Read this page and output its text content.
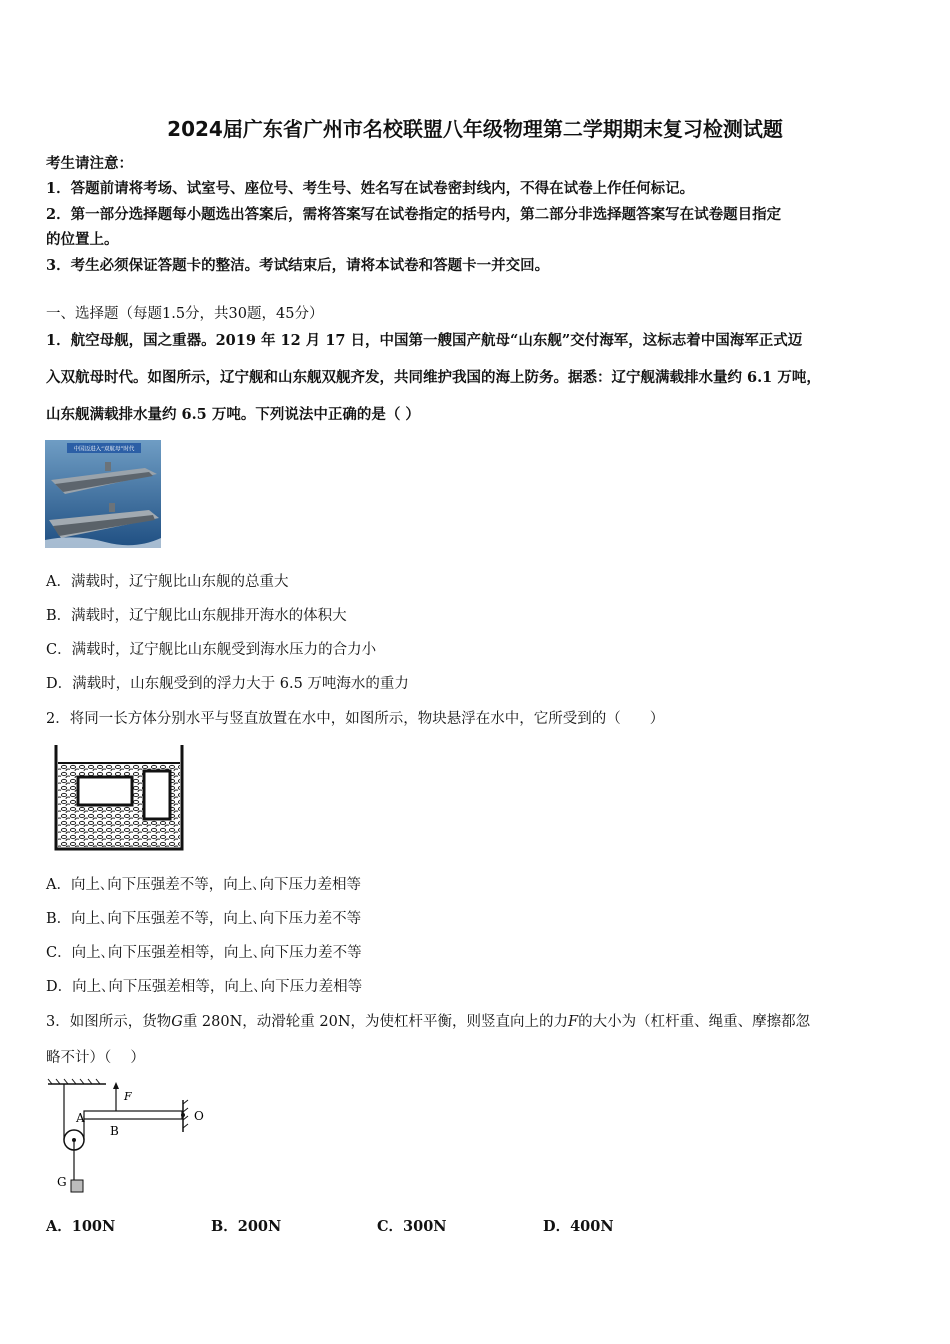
2024届广东省广州市名校联盟八年级物理第二学期期末复习检测试题
考生请注意：
1．答题前请将考场、试室号、座位号、考生号、姓名写在试卷密封线内，不得在试卷上作任何标记。
2．第一部分选择题每小题选出答案后，需将答案写在试卷指定的括号内，第二部分非选择题答案写在试卷题目指定
的位置上。
3．考生必须保证答题卡的整洁。考试结束后，请将本试卷和答题卡一并交回。
一、选择题（每题1.5分，共30题，45分）
1．航空母舰，国之重器。2019 年 12 月 17 日，中国第一艘国产航母“山东舰”交付海军，这标志着中国海军正式迈
入双航母时代。如图所示，辽宁舰和山东舰双舰齐发，共同维护我国的海上防务。据悉：辽宁舰满载排水量约 6.1 万吨，
山东舰满载排水量约 6.5 万吨。下列说法中正确的是（ ）
中国迈进入“双航母”时代
A．满载时，辽宁舰比山东舰的总重大
B．满载时，辽宁舰比山东舰排开海水的体积大
C．满载时，辽宁舰比山东舰受到海水压力的合力小
D．满载时，山东舰受到的浮力大于 6.5 万吨海水的重力
2．将同一长方体分别水平与竖直放置在水中，如图所示，物块悬浮在水中，它所受到的（　　）
A．向上､向下压强差不等，向上､向下压力差相等
B．向上､向下压强差不等，向上､向下压力差不等
C．向上､向下压强差相等，向上､向下压力差不等
D．向上､向下压强差相等，向上､向下压力差相等
3．如图所示，货物G重 280N，动滑轮重 20N，为使杠杆平衡，则竖直向上的力F的大小为（杠杆重、绳重、摩擦都忽
略不计）（　 ）
F
A
B
O
G
A．100N	B．200N	C．300N	D．400N
